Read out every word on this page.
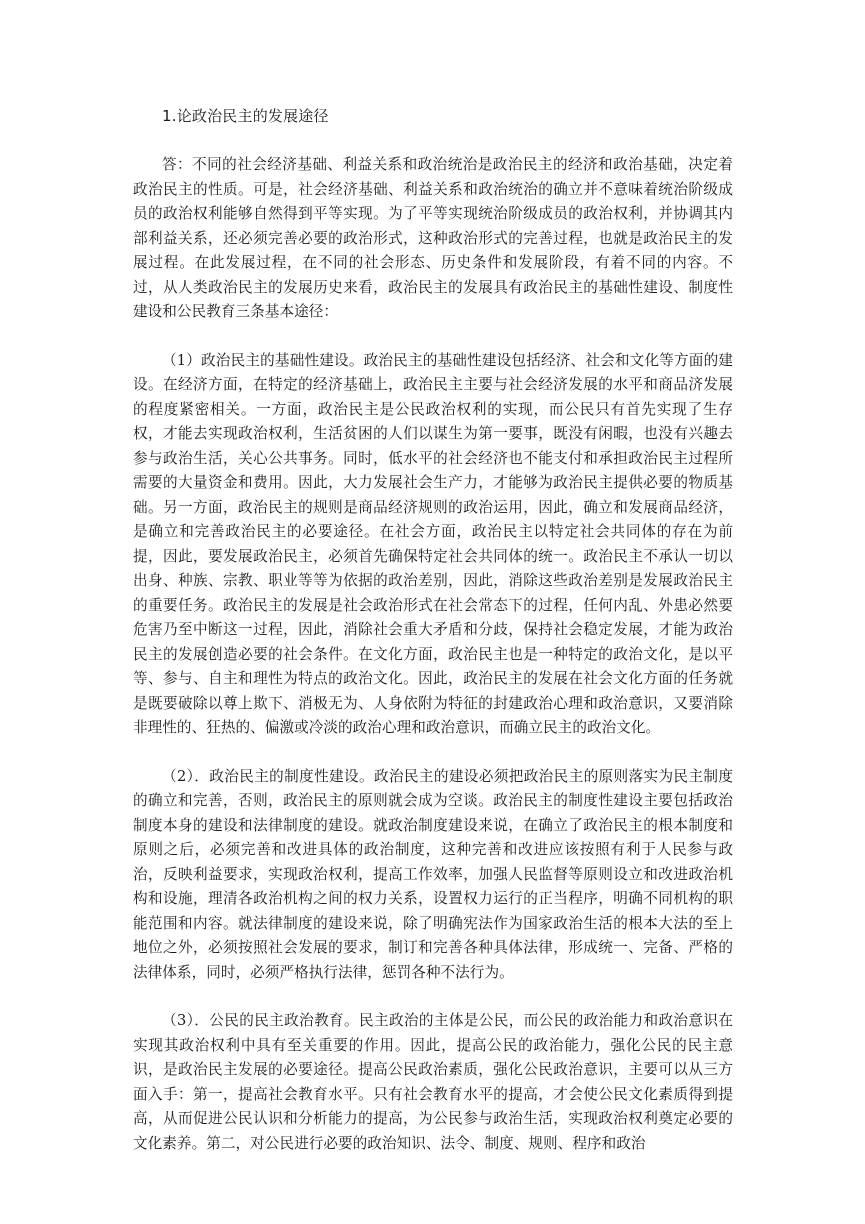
1.论政治民主的发展途径

答：不同的社会经济基础、利益关系和政治统治是政治民主的经济和政治基础，决定着政治民主的性质。可是，社会经济基础、利益关系和政治统治的确立并不意味着统治阶级成员的政治权利能够自然得到平等实现。为了平等实现统治阶级成员的政治权利，并协调其内部利益关系，还必须完善必要的政治形式，这种政治形式的完善过程，也就是政治民主的发展过程。在此发展过程，在不同的社会形态、历史条件和发展阶段，有着不同的内容。不过，从人类政治民主的发展历史来看，政治民主的发展具有政治民主的基础性建设、制度性建设和公民教育三条基本途径：

（1）政治民主的基础性建设。政治民主的基础性建设包括经济、社会和文化等方面的建设。在经济方面，在特定的经济基础上，政治民主主要与社会经济发展的水平和商品济发展的程度紧密相关。一方面，政治民主是公民政治权利的实现，而公民只有首先实现了生存权，才能去实现政治权利，生活贫困的人们以谋生为第一要事，既没有闲暇，也没有兴趣去参与政治生活，关心公共事务。同时，低水平的社会经济也不能支付和承担政治民主过程所需要的大量资金和费用。因此，大力发展社会生产力，才能够为政治民主提供必要的物质基础。另一方面，政治民主的规则是商品经济规则的政治运用，因此，确立和发展商品经济，是确立和完善政治民主的必要途径。在社会方面，政治民主以特定社会共同体的存在为前提，因此，要发展政治民主，必须首先确保特定社会共同体的统一。政治民主不承认一切以出身、种族、宗教、职业等等为依据的政治差别，因此，消除这些政治差别是发展政治民主的重要任务。政治民主的发展是社会政治形式在社会常态下的过程，任何内乱、外患必然要危害乃至中断这一过程，因此，消除社会重大矛盾和分歧，保持社会稳定发展，才能为政治民主的发展创造必要的社会条件。在文化方面，政治民主也是一种特定的政治文化，是以平等、参与、自主和理性为特点的政治文化。因此，政治民主的发展在社会文化方面的任务就是既要破除以尊上欺下、消极无为、人身依附为特征的封建政治心理和政治意识，又要消除非理性的、狂热的、偏激或冷淡的政治心理和政治意识，而确立民主的政治文化。

（2）．政治民主的制度性建设。政治民主的建设必须把政治民主的原则落实为民主制度的确立和完善，否则，政治民主的原则就会成为空谈。政治民主的制度性建设主要包括政治制度本身的建设和法律制度的建设。就政治制度建设来说，在确立了政治民主的根本制度和原则之后，必须完善和改进具体的政治制度，这种完善和改进应该按照有利于人民参与政治，反映利益要求，实现政治权利，提高工作效率，加强人民监督等原则设立和改进政治机构和设施，理清各政治机构之间的权力关系，设置权力运行的正当程序，明确不同机构的职能范围和内容。就法律制度的建设来说，除了明确宪法作为国家政治生活的根本大法的至上地位之外，必须按照社会发展的要求，制订和完善各种具体法律，形成统一、完备、严格的法律体系，同时，必须严格执行法律，惩罚各种不法行为。

（3）．公民的民主政治教育。民主政治的主体是公民，而公民的政治能力和政治意识在实现其政治权利中具有至关重要的作用。因此，提高公民的政治能力，强化公民的民主意识，是政治民主发展的必要途径。提高公民政治素质，强化公民政治意识，主要可以从三方面入手：第一，提高社会教育水平。只有社会教育水平的提高，才会使公民文化素质得到提高，从而促进公民认识和分析能力的提高，为公民参与政治生活，实现政治权利奠定必要的文化素养。第二，对公民进行必要的政治知识、法令、制度、规则、程序和政治
